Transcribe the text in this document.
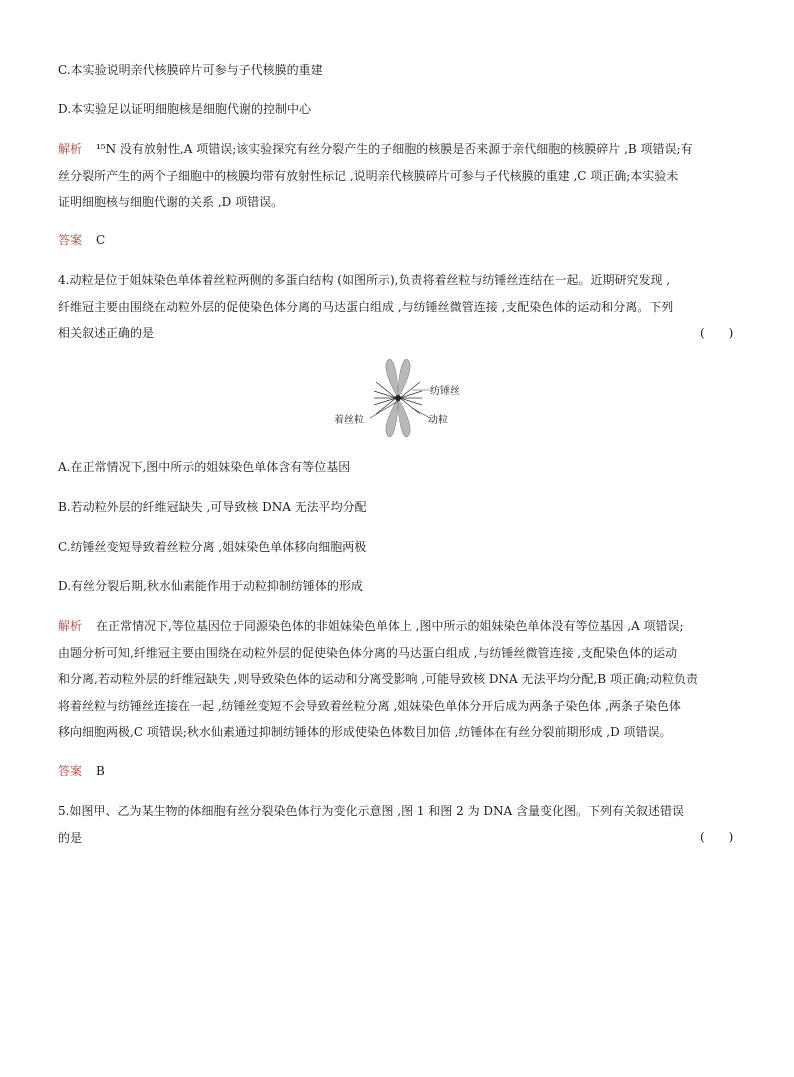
C.本实验说明亲代核膜碎片可参与子代核膜的重建
D.本实验足以证明细胞核是细胞代谢的控制中心
解析 ¹⁵N 没有放射性,A 项错误;该实验探究有丝分裂产生的子细胞的核膜是否来源于亲代细胞的核膜碎片 ,B 项错误;有
丝分裂所产生的两个子细胞中的核膜均带有放射性标记 ,说明亲代核膜碎片可参与子代核膜的重建 ,C 项正确;本实验未
证明细胞核与细胞代谢的关系 ,D 项错误。
答案 C
4.动粒是位于姐妹染色单体着丝粒两侧的多蛋白结构 (如图所示),负责将着丝粒与纺锤丝连结在一起。近期研究发现 ,
纤维冠主要由围绕在动粒外层的促使染色体分离的马达蛋白组成 ,与纺锤丝微管连接 ,支配染色体的运动和分离。下列
相关叙述正确的是	(　　)
纺锤丝
着丝粒	动粒
A.在正常情况下,图中所示的姐妹染色单体含有等位基因
B.若动粒外层的纤维冠缺失 ,可导致核 DNA 无法平均分配
C.纺锤丝变短导致着丝粒分离 ,姐妹染色单体移向细胞两极
D.有丝分裂后期,秋水仙素能作用于动粒抑制纺锤体的形成
解析 在正常情况下,等位基因位于同源染色体的非姐妹染色单体上 ,图中所示的姐妹染色单体没有等位基因 ,A 项错误;
由题分析可知,纤维冠主要由围绕在动粒外层的促使染色体分离的马达蛋白组成 ,与纺锤丝微管连接 ,支配染色体的运动
和分离,若动粒外层的纤维冠缺失 ,则导致染色体的运动和分离受影响 ,可能导致核 DNA 无法平均分配,B 项正确;动粒负责
将着丝粒与纺锤丝连接在一起 ,纺锤丝变短不会导致着丝粒分离 ,姐妹染色单体分开后成为两条子染色体 ,两条子染色体
移向细胞两极,C 项错误;秋水仙素通过抑制纺锤体的形成使染色体数目加倍 ,纺锤体在有丝分裂前期形成 ,D 项错误。
答案 B
5.如图甲、乙为某生物的体细胞有丝分裂染色体行为变化示意图 ,图 1 和图 2 为 DNA 含量变化图。下列有关叙述错误
的是	(　　)
